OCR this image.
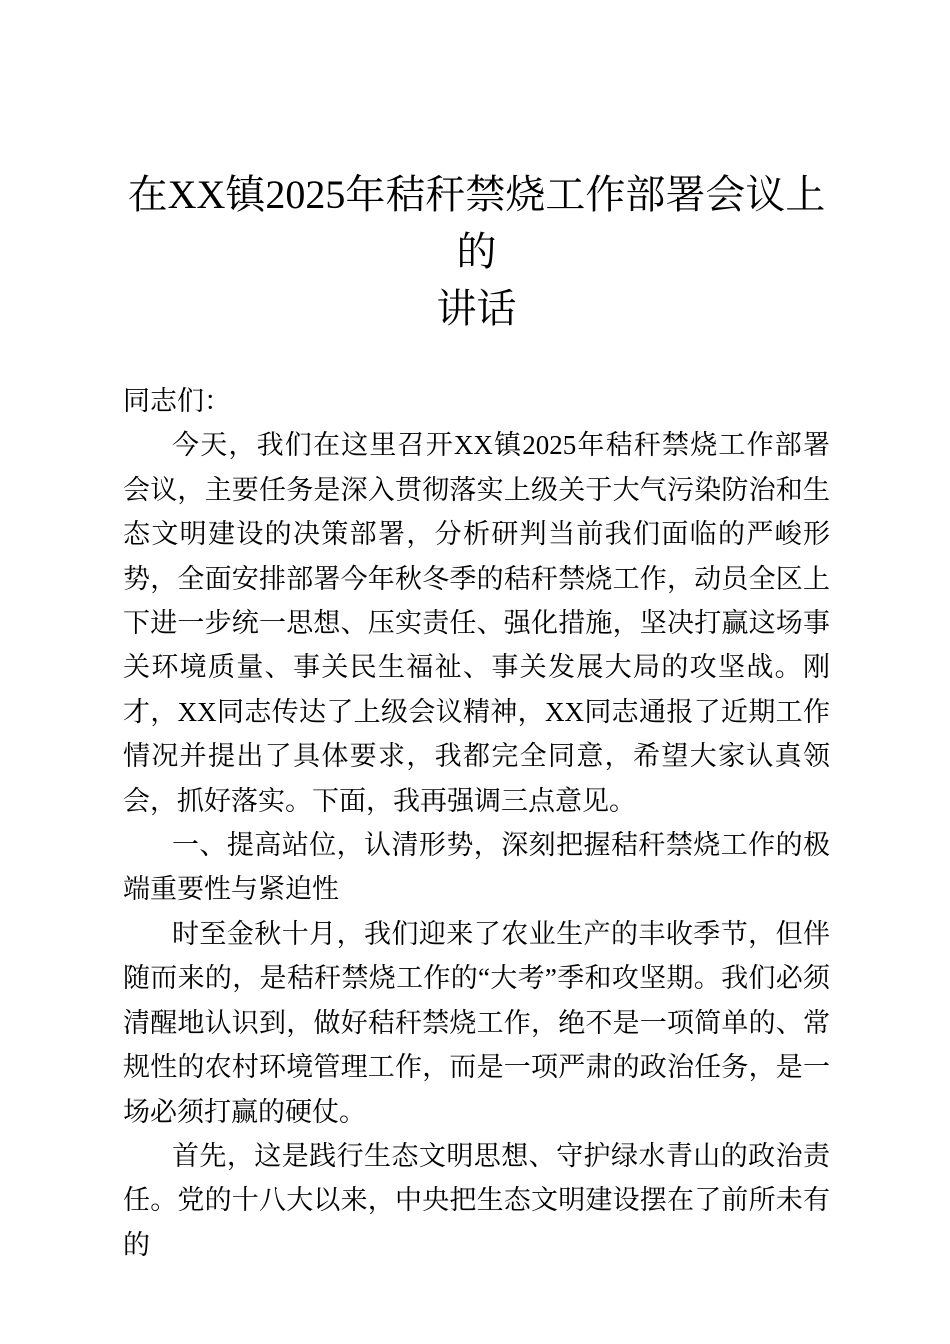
在XX镇2025年秸秆禁烧工作部署会议上的
讲话

同志们：

今天，我们在这里召开XX镇2025年秸秆禁烧工作部署会议，主要任务是深入贯彻落实上级关于大气污染防治和生态文明建设的决策部署，分析研判当前我们面临的严峻形势，全面安排部署今年秋冬季的秸秆禁烧工作，动员全区上下进一步统一思想、压实责任、强化措施，坚决打赢这场事关环境质量、事关民生福祉、事关发展大局的攻坚战。刚才，XX同志传达了上级会议精神，XX同志通报了近期工作情况并提出了具体要求，我都完全同意，希望大家认真领会，抓好落实。下面，我再强调三点意见。

一、提高站位，认清形势，深刻把握秸秆禁烧工作的极端重要性与紧迫性

时至金秋十月，我们迎来了农业生产的丰收季节，但伴随而来的，是秸秆禁烧工作的“大考”季和攻坚期。我们必须清醒地认识到，做好秸秆禁烧工作，绝不是一项简单的、常规性的农村环境管理工作，而是一项严肃的政治任务，是一场必须打赢的硬仗。

首先，这是践行生态文明思想、守护绿水青山的政治责任。党的十八大以来，中央把生态文明建设摆在了前所未有的
